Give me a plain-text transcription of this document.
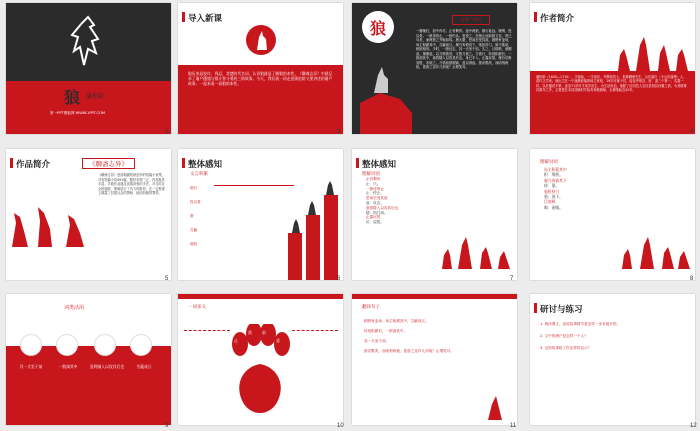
狼 蒲松龄
第一PPT模板网 WWW.1PPT.COM
1
导入新课
狼历来是狡诈、残忍、贪婪的代名词，认识狼就是了解狼的本性。《聊斋志异》中就记录了屠户遭遇与狼斗智斗勇的三则故事。今天，我们就一同走进蒲松龄又要讲述的屠户故事，一起来看一看狼的本性。
2
狼	作者一词语
一屠晚归，担中肉尽，止有剩骨。途中两狼，缀行甚远。屠惧，投以骨。一狼得骨止，一狼仍从。复投之，后狼止而前狼又至。骨已尽矣，而两狼之并驱如故。屠大窘，恐前后受其敌。顾野有麦场，场主积薪其中，苫蔽成丘。屠乃奔倚其下，弛担持刀。狼不敢前，眈眈相向。少时，一狼径去，其一犬坐于前。久之，目似瞑，意暇甚。屠暴起，以刀劈狼首，又数刀毙之。方欲行，转视积薪后，一狼洞其中，意将隧入以攻其后也。身已半入，止露尻尾。屠自后断其股，亦毙之。乃悟前狼假寐，盖以诱敌。狼亦黠矣，而顷刻两毙，禽兽之变诈几何哉？止增笑耳。
3
作者简介
蒲松龄（1640—1715），字留仙，一字剑臣，号柳泉居士，世称聊斋先生，山东淄川（今山东淄博）人，清代文学家。他出生在一个逐渐败落的地主家庭，19岁应童子试，接连考取县、府、道三个第一，名震一时。以后屡试不第，直至71岁时才成岁贡生。为生活所迫，他除了应同邑人宝应县知县孙蕙之请，为其做幕宾数年之外，主要是在本县西铺村毕际有家做塾师，舌耕笔耘近42年。
4
作品简介	《聊斋志异》
《聊斋志异》是清朝蒲松龄创作的短篇小说集，共有短篇小说491篇。题材非常广泛，内容极其丰富。多数作品通过谈狐说鬼的手法，对当时社会的腐败、黑暗进行了有力的批判，在一定程度上揭露了封建社会的黑暗、统治阶级的罪恶。
5
整体感知
文言积累
缀行
投以骨
窘
苫蔽
眈眈
6
整体感知
理解词语
止有剩骨
止：只。
一狼得骨止
止：停止。
恐前后受其敌
敌：攻击。
意将隧入以攻其后也
隧：指打洞。
止露尻尾
尻：屁股。
7
理解词语
场主积薪其中
积：堆积。
屠乃奔倚其下
倚：靠。
弛担持刀
弛：放下。
目似瞑
瞑：闭眼。
8
词类活用
其一犬坐于前	一狼洞其中	意将隧入以攻其后也	苫蔽成丘
9
一词多义
止
敌	前
意
10
翻译句子
顾野有麦场，场主积薪其中，苫蔽成丘。
转视积薪后，一狼洞其中。
其一犬坐于前。
狼亦黠矣，而顷刻两毙，禽兽之变诈几何哉？止增笑耳。
11
研讨与练习
1. 朗读课文，说说故事情节是怎样一步步展开的。
2. 文中的屠户是怎样一个人？
3. 这则故事给了你怎样的启示？
12
